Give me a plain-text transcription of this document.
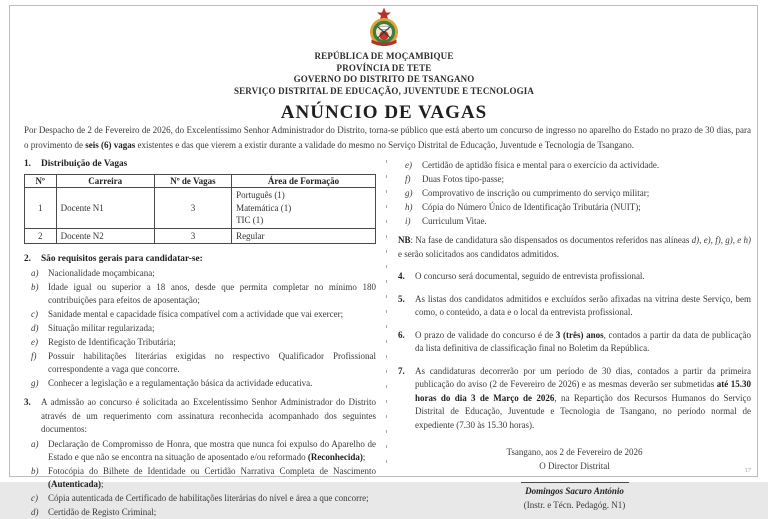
REPÚBLICA DE MOÇAMBIQUE
PROVÍNCIA DE TETE
GOVERNO DO DISTRITO DE TSANGANO
SERVIÇO DISTRITAL DE EDUCAÇÃO, JUVENTUDE E TECNOLOGIA
ANÚNCIO DE VAGAS

Por Despacho de 2 de Fevereiro de 2026, do Excelentíssimo Senhor Administrador do Distrito, torna-se público que está aberto um concurso de ingresso no aparelho do Estado no prazo de 30 dias, para o provimento de seis (6) vagas existentes e das que vierem a existir durante a validade do mesmo no Serviço Distrital de Educação, Juventude e Tecnologia de Tsangano.

1.	Distribuição de Vagas
Nº	Carreira	Nº de Vagas	Área de Formação
1	Docente N1	3	Português (1)
Matemática (1)
TIC (1)

2	Docente N2	3	Regular
2.	São requisitos gerais para candidatar-se:
a)	Nacionalidade moçambicana;
b)	Idade igual ou superior a 18 anos, desde que permita completar no mínimo 180 contribuições para efeitos de aposentação;
c)	Sanidade mental e capacidade física compatível com a actividade que vai exercer;
d)	Situação militar regularizada;
e)	Registo de Identificação Tributária;
f)	Possuir habilitações literárias exigidas no respectivo Qualificador Profissional correspondente a vaga que concorre.
g)	Conhecer a legislação e a regulamentação básica da actividade educativa.
3.	A admissão ao concurso é solicitada ao Excelentíssimo Senhor Administrador do Distrito através de um requerimento com assinatura reconhecida acompanhado dos seguintes documentos:
a)	Declaração de Compromisso de Honra, que mostra que nunca foi expulso do Aparelho de Estado e que não se encontra na situação de aposentado e/ou reformado (Reconhecida);
b)	Fotocópia do Bilhete de Identidade ou Certidão Narrativa Completa de Nascimento (Autenticada);
c)	Cópia autenticada de Certificado de habilitações literárias do nível e área a que concorre;
d)	Certidão de Registo Criminal;
e)	Certidão de aptidão física e mental para o exercício da actividade.
f)	Duas Fotos tipo-passe;
g)	Comprovativo de inscrição ou cumprimento do serviço militar;
h)	Cópia do Número Único de Identificação Tributária (NUIT);
i)	Curriculum Vitae.

NB: Na fase de candidatura são dispensados os documentos referidos nas alíneas d), e), f), g), e h) e serão solicitados aos candidatos admitidos.

4.	O concurso será documental, seguido de entrevista profissional.
5.	As listas dos candidatos admitidos e excluídos serão afixadas na vitrina deste Serviço, bem como, o conteúdo, a data e o local da entrevista profissional.
6.	O prazo de validade do concurso é de 3 (três) anos, contados a partir da data de publicação da lista definitiva de classificação final no Boletim da República.
7.	As candidaturas decorrerão por um período de 30 dias, contados a partir da primeira publicação do aviso (2 de Fevereiro de 2026) e as mesmas deverão ser submetidas até 15.30 horas do dia 3 de Março de 2026, na Repartição dos Recursos Humanos do Serviço Distrital de Educação, Juventude e Tecnologia de Tsangano, no período normal de expediente (7.30 às 15.30 horas).
Tsangano, aos 2 de Fevereiro de 2026
O Director Distrital
Domingos Sacuro António
(Instr. e Técn. Pedagóg. N1)
17
